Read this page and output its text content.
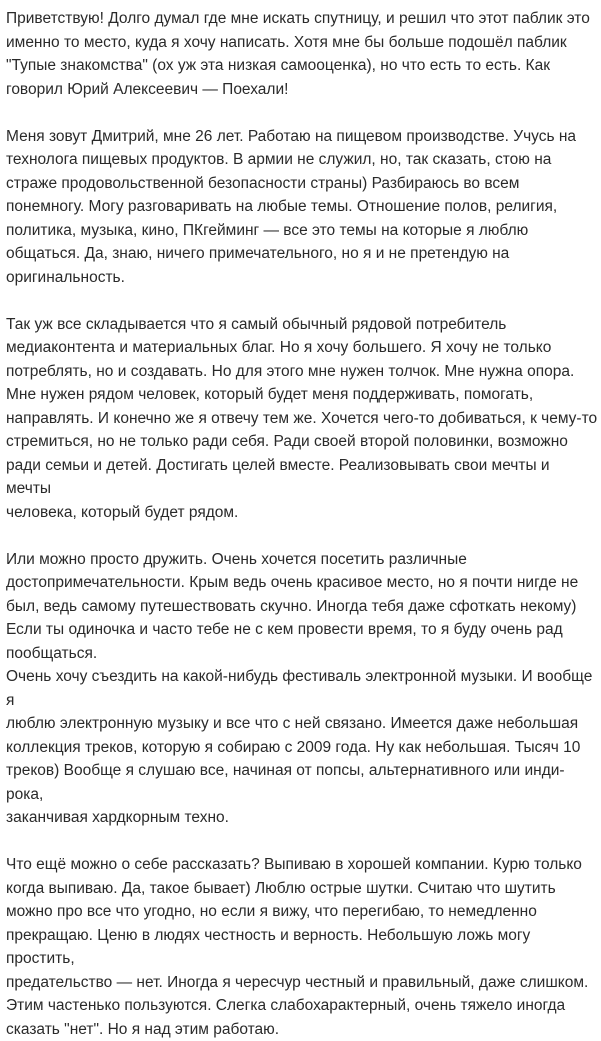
Приветствую! Долго думал где мне искать спутницу, и решил что этот паблик это
именно то место, куда я хочу написать. Хотя мне бы больше подошёл паблик
"Тупые знакомства" (ох уж эта низкая самооценка), но что есть то есть. Как
говорил Юрий Алексеевич — Поехали!

Меня зовут Дмитрий, мне 26 лет. Работаю на пищевом производстве. Учусь на
технолога пищевых продуктов. В армии не служил, но, так сказать, стою на
страже продовольственной безопасности страны) Разбираюсь во всем
понемногу. Могу разговаривать на любые темы. Отношение полов, религия,
политика, музыка, кино, ПКгейминг — все это темы на которые я люблю
общаться. Да, знаю, ничего примечательного, но я и не претендую на
оригинальность.

Так уж все складывается что я самый обычный рядовой потребитель
медиаконтента и материальных благ. Но я хочу большего. Я хочу не только
потреблять, но и создавать. Но для этого мне нужен толчок. Мне нужна опора.
Мне нужен рядом человек, который будет меня поддерживать, помогать,
направлять. И конечно же я отвечу тем же. Хочется чего-то добиваться, к чему-то
стремиться, но не только ради себя. Ради своей второй половинки, возможно
ради семьи и детей. Достигать целей вместе. Реализовывать свои мечты и мечты
человека, который будет рядом.

Или можно просто дружить. Очень хочется посетить различные
достопримечательности. Крым ведь очень красивое место, но я почти нигде не
был, ведь самому путешествовать скучно. Иногда тебя даже сфоткать некому)
Если ты одиночка и часто тебе не с кем провести время, то я буду очень рад
пообщаться.
Очень хочу съездить на какой-нибудь фестиваль электронной музыки. И вообще я
люблю электронную музыку и все что с ней связано. Имеется даже небольшая
коллекция треков, которую я собираю с 2009 года. Ну как небольшая. Тысяч 10
треков) Вообще я слушаю все, начиная от попсы, альтернативного или инди-рока,
заканчивая хардкорным техно.

Что ещё можно о себе рассказать? Выпиваю в хорошей компании. Курю только
когда выпиваю. Да, такое бывает) Люблю острые шутки. Считаю что шутить
можно про все что угодно, но если я вижу, что перегибаю, то немедленно
прекращаю. Ценю в людях честность и верность. Небольшую ложь могу простить,
предательство — нет. Иногда я чересчур честный и правильный, даже слишком.
Этим частенько пользуются. Слегка слабохарактерный, очень тяжело иногда
сказать "нет". Но я над этим работаю.
